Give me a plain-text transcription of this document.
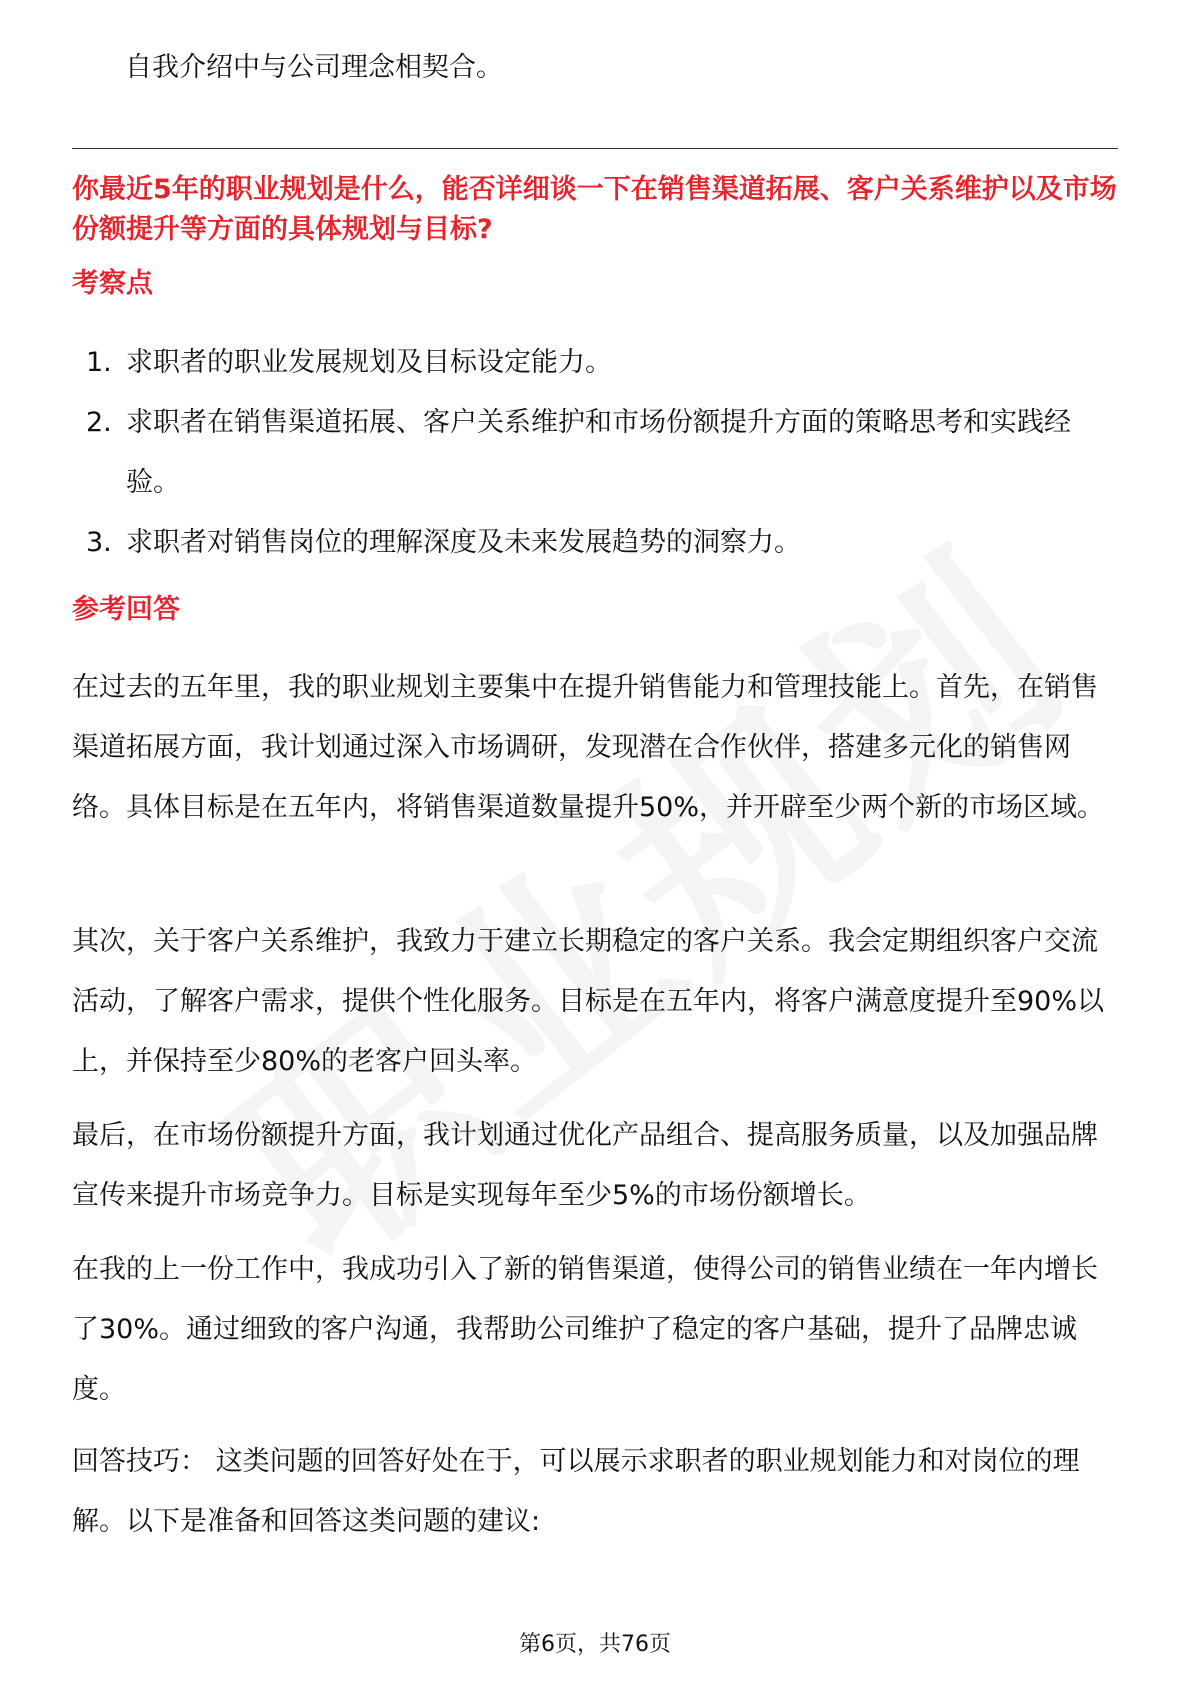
自我介绍中与公司理念相契合。
你最近5年的职业规划是什么，能否详细谈一下在销售渠道拓展、客户关系维护以及市场份额提升等方面的具体规划与目标?
考察点
1. 求职者的职业发展规划及目标设定能力。
2. 求职者在销售渠道拓展、客户关系维护和市场份额提升方面的策略思考和实践经验。
3. 求职者对销售岗位的理解深度及未来发展趋势的洞察力。
参考回答
在过去的五年里，我的职业规划主要集中在提升销售能力和管理技能上。首先，在销售渠道拓展方面，我计划通过深入市场调研，发现潜在合作伙伴，搭建多元化的销售网络。具体目标是在五年内，将销售渠道数量提升50%，并开辟至少两个新的市场区域。
其次，关于客户关系维护，我致力于建立长期稳定的客户关系。我会定期组织客户交流活动，了解客户需求，提供个性化服务。目标是在五年内，将客户满意度提升至90%以上，并保持至少80%的老客户回头率。
最后，在市场份额提升方面，我计划通过优化产品组合、提高服务质量，以及加强品牌宣传来提升市场竞争力。目标是实现每年至少5%的市场份额增长。
在我的上一份工作中，我成功引入了新的销售渠道，使得公司的销售业绩在一年内增长了30%。通过细致的客户沟通，我帮助公司维护了稳定的客户基础，提升了品牌忠诚度。
回答技巧： 这类问题的回答好处在于，可以展示求职者的职业规划能力和对岗位的理解。以下是准备和回答这类问题的建议:
第6页，共76页
